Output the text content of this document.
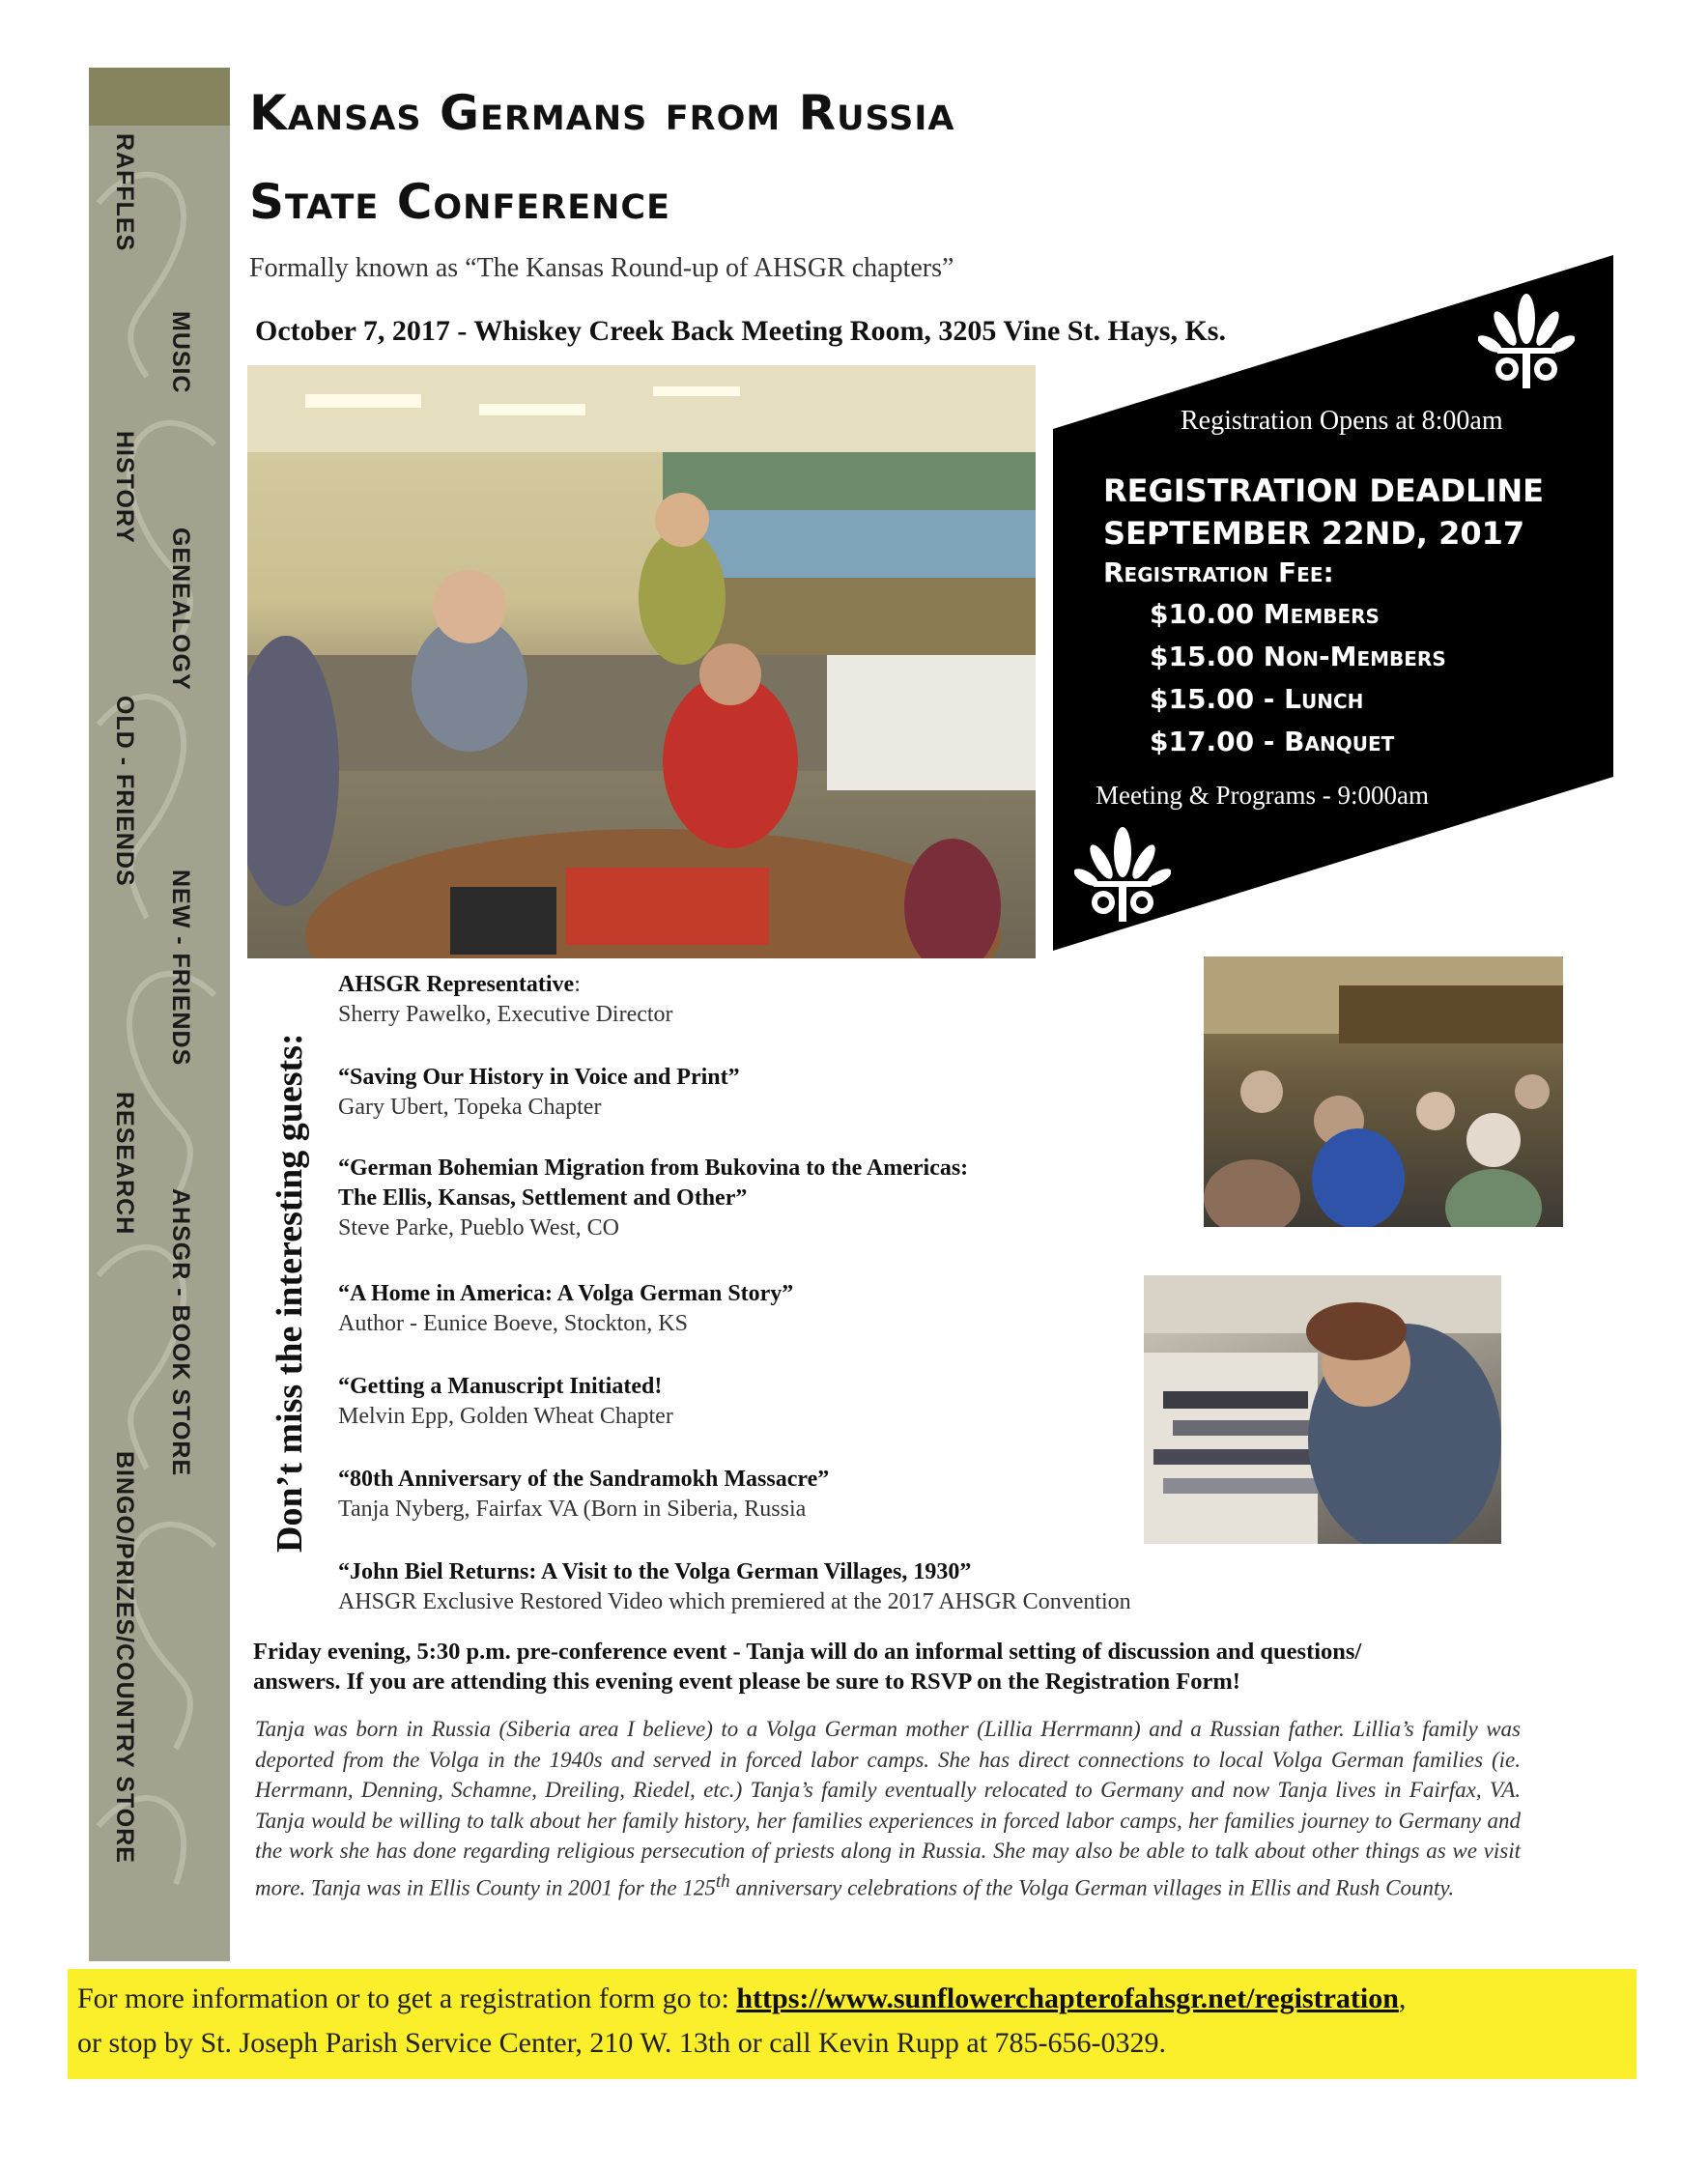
RAFFLES
HISTORY
OLD - FRIENDS
RESEARCH
BINGO/PRIZES/COUNTRY STORE
MUSIC
GENEALOGY
NEW - FRIENDS
AHSGR - BOOK STORE
Kansas Germans from Russia
State Conference
Formally known as “The Kansas Round-up of AHSGR chapters”
October 7, 2017 - Whiskey Creek Back Meeting Room, 3205 Vine St. Hays, Ks.
Registration Opens at 8:00am
REGISTRATION DEADLINE
SEPTEMBER 22ND, 2017
Registration Fee:
$10.00 Members
$15.00 Non-Members
$15.00 - Lunch
$17.00 - Banquet
Meeting & Programs - 9:000am
Don’t miss the interesting guests:
AHSGR Representative:
Sherry Pawelko, Executive Director
“Saving Our History in Voice and Print”
Gary Ubert, Topeka Chapter
“German Bohemian Migration from Bukovina to the Americas:
The Ellis, Kansas, Settlement and Other”
Steve Parke, Pueblo West, CO
“A Home in America: A Volga German Story”
Author - Eunice Boeve, Stockton, KS
“Getting a Manuscript Initiated!
Melvin Epp, Golden Wheat Chapter
“80th Anniversary of the Sandramokh Massacre”
Tanja Nyberg, Fairfax VA (Born in Siberia, Russia
“John Biel Returns: A Visit to the Volga German Villages, 1930”
AHSGR Exclusive Restored Video which premiered at the 2017 AHSGR Convention
Friday evening, 5:30 p.m. pre-conference event - Tanja will do an informal setting of discussion and questions/
answers. If you are attending this evening event please be sure to RSVP on the Registration Form!
Tanja was born in Russia (Siberia area I believe) to a Volga German mother (Lillia Herrmann) and a Russian father. Lillia’s family was deported from the Volga in the 1940s and served in forced labor camps. She has direct connections to local Volga German families (ie. Herrmann, Denning, Schamne, Dreiling, Riedel, etc.) Tanja’s family eventually relocated to Germany and now Tanja lives in Fairfax, VA. Tanja would be willing to talk about her family history, her families experiences in forced labor camps, her families journey to Germany and the work she has done regarding religious persecution of priests along in Russia. She may also be able to talk about other things as we visit more. Tanja was in Ellis County in 2001 for the 125th anniversary celebrations of the Volga German villages in Ellis and Rush County.
For more information or to get a registration form go to: https://www.sunflowerchapterofahsgr.net/registration,
or stop by St. Joseph Parish Service Center, 210 W. 13th or call Kevin Rupp at 785-656-0329.
